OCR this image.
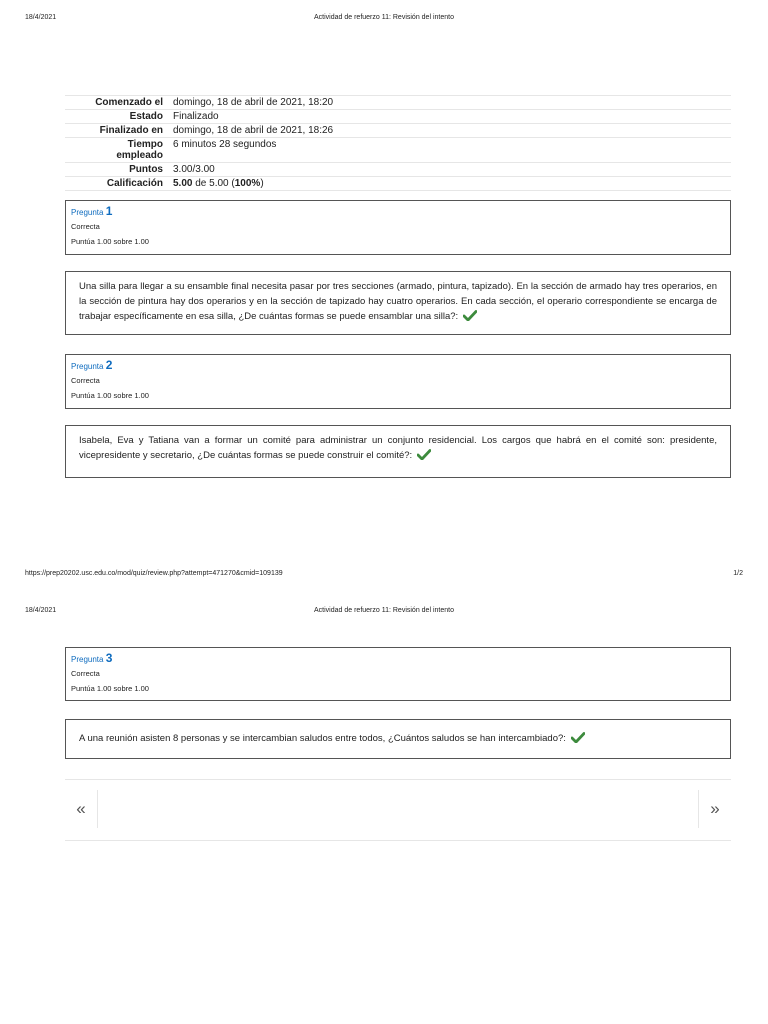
18/4/2021	Actividad de refuerzo 11: Revisión del intento
Comenzado el	domingo, 18 de abril de 2021, 18:20
Estado	Finalizado
Finalizado en	domingo, 18 de abril de 2021, 18:26
Tiempo
empleado	6 minutos 28 segundos
Puntos	3.00/3.00
Calificación	5.00 de 5.00 (100%)
Pregunta 1
Correcta
Puntúa 1.00 sobre 1.00
Una silla para llegar a su ensamble final necesita pasar por tres secciones (armado, pintura, tapizado). En la sección de armado hay tres operarios, en la sección de pintura hay dos operarios y en la sección de tapizado hay cuatro operarios. En cada sección, el operario correspondiente se encarga de trabajar específicamente en esa silla, ¿De cuántas formas se puede ensamblar una silla?:
Pregunta 2
Correcta
Puntúa 1.00 sobre 1.00
Isabela, Eva y Tatiana van a formar un comité para administrar un conjunto residencial. Los cargos que habrá en el comité son: presidente, vicepresidente y secretario, ¿De cuántas formas se puede construir el comité?:
https://prep20202.usc.edu.co/mod/quiz/review.php?attempt=471270&cmid=109139	1/2
18/4/2021	Actividad de refuerzo 11: Revisión del intento
Pregunta 3
Correcta
Puntúa 1.00 sobre 1.00
A una reunión asisten 8 personas y se intercambian saludos entre todos, ¿Cuántos saludos se han intercambiado?:
«	»
